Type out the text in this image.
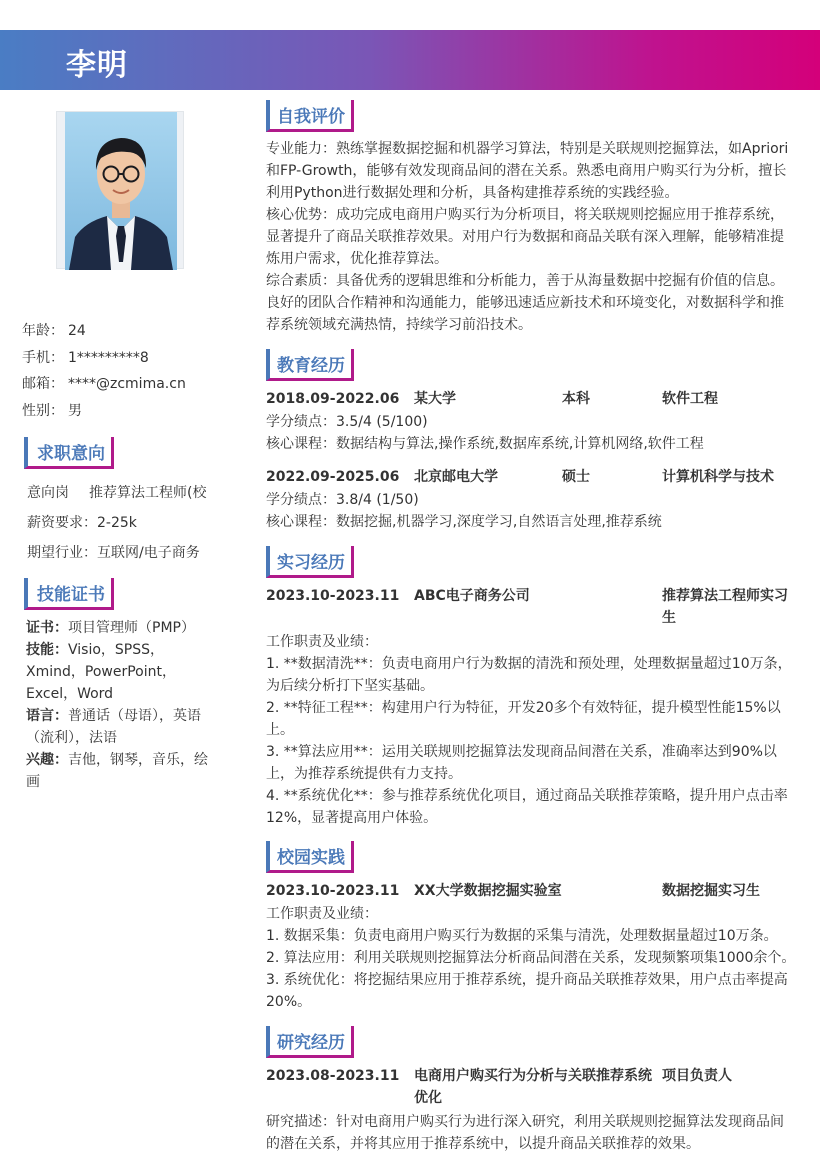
李明
年龄： 24
手机： 1*********8
邮箱： ****@zcmima.cn
性别： 男
求职意向
意向岗 推荐算法工程师(校
薪资要求：2-25k
期望行业：互联网/电子商务
技能证书
证书：项目管理师（PMP）
技能：Visio，SPSS，Xmind，PowerPoint，Excel，Word
语言：普通话（母语），英语（流利），法语
兴趣：吉他，钢琴，音乐，绘画
自我评价

专业能力：熟练掌握数据挖掘和机器学习算法，特别是关联规则挖掘算法，如Apriori和FP-Growth，能够有效发现商品间的潜在关系。熟悉电商用户购买行为分析，擅长利用Python进行数据处理和分析，具备构建推荐系统的实践经验。

核心优势：成功完成电商用户购买行为分析项目，将关联规则挖掘应用于推荐系统，显著提升了商品关联推荐效果。对用户行为数据和商品关联有深入理解，能够精准提炼用户需求，优化推荐算法。

综合素质：具备优秀的逻辑思维和分析能力，善于从海量数据中挖掘有价值的信息。良好的团队合作精神和沟通能力，能够迅速适应新技术和环境变化，对数据科学和推荐系统领域充满热情，持续学习前沿技术。

教育经历
2018.09-2022.06 某大学	本科	软件工程

学分绩点：3.5/4 (5/100)

核心课程：数据结构与算法,操作系统,数据库系统,计算机网络,软件工程

2022.09-2025.06 北京邮电大学	硕士	计算机科学与技术

学分绩点：3.8/4 (1/50)

核心课程：数据挖掘,机器学习,深度学习,自然语言处理,推荐系统

实习经历
2023.10-2023.11 ABC电子商务公司	推荐算法工程师实习生

工作职责及业绩：

1. **数据清洗**：负责电商用户行为数据的清洗和预处理，处理数据量超过10万条，为后续分析打下坚实基础。

2. **特征工程**：构建用户行为特征，开发20多个有效特征，提升模型性能15%以上。

3. **算法应用**：运用关联规则挖掘算法发现商品间潜在关系，准确率达到90%以上，为推荐系统提供有力支持。

4. **系统优化**：参与推荐系统优化项目，通过商品关联推荐策略，提升用户点击率12%，显著提高用户体验。

校园实践
2023.10-2023.11 XX大学数据挖掘实验室	数据挖掘实习生

工作职责及业绩：

1. 数据采集：负责电商用户购买行为数据的采集与清洗，处理数据量超过10万条。

2. 算法应用：利用关联规则挖掘算法分析商品间潜在关系，发现频繁项集1000余个。

3. 系统优化：将挖掘结果应用于推荐系统，提升商品关联推荐效果，用户点击率提高20%。

研究经历
2023.08-2023.11 电商用户购买行为分析与关联推荐系统优化
项目负责人

研究描述：针对电商用户购买行为进行深入研究，利用关联规则挖掘算法发现商品间的潜在关系，并将其应用于推荐系统中，以提升商品关联推荐的效果。
